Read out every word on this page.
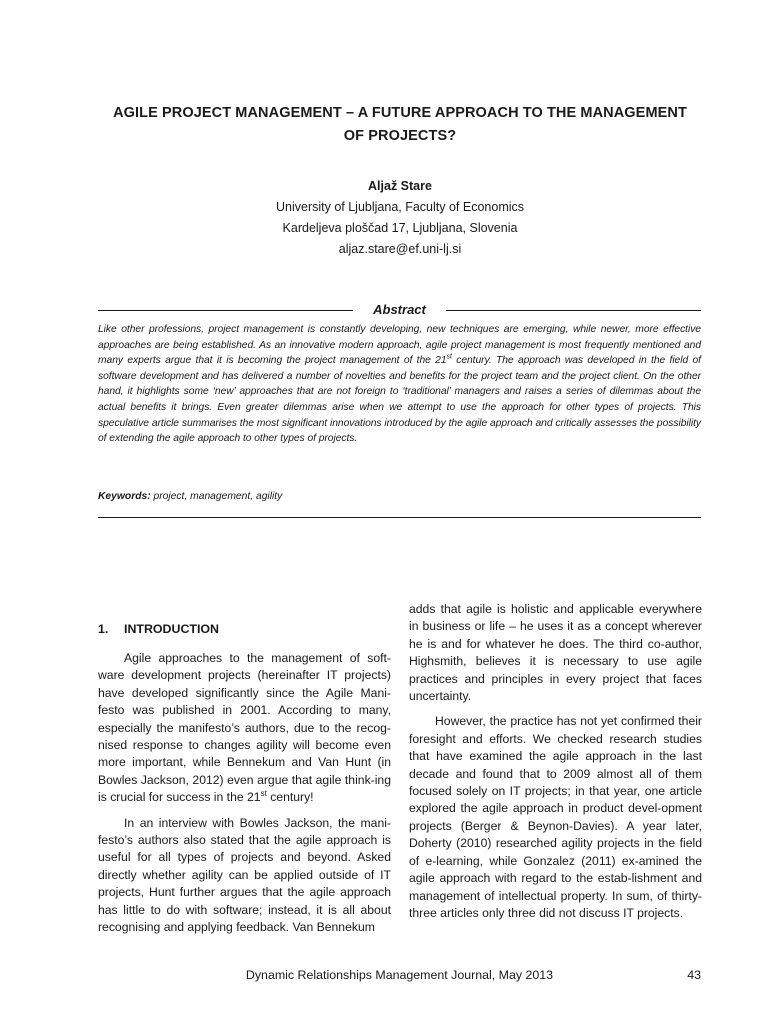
AGILE PROJECT MANAGEMENT – A FUTURE APPROACH TO THE MANAGEMENT
OF PROJECTS?
Aljaž Stare
University of Ljubljana, Faculty of Economics
Kardeljeva ploščad 17, Ljubljana, Slovenia
aljaz.stare@ef.uni-lj.si
Abstract
Like other professions, project management is constantly developing, new techniques are emerging, while newer, more effective approaches are being established. As an innovative modern approach, agile project management is most frequently mentioned and many experts argue that it is becoming the project management of the 21st century. The approach was developed in the field of software development and has delivered a number of novelties and benefits for the project team and the project client. On the other hand, it highlights some ‘new’ approaches that are not foreign to ‘traditional’ managers and raises a series of dilemmas about the actual benefits it brings. Even greater dilemmas arise when we attempt to use the approach for other types of projects. This speculative article summarises the most significant innovations introduced by the agile approach and critically assesses the possibility of extending the agile approach to other types of projects.
Keywords: project, management, agility
1. INTRODUCTION

Agile approaches to the management of soft-ware development projects (hereinafter IT projects) have developed significantly since the Agile Mani-festo was published in 2001. According to many, especially the manifesto’s authors, due to the recog-nised response to changes agility will become even more important, while Bennekum and Van Hunt (in Bowles Jackson, 2012) even argue that agile think-ing is crucial for success in the 21st century!

In an interview with Bowles Jackson, the mani-festo’s authors also stated that the agile approach is useful for all types of projects and beyond. Asked directly whether agility can be applied outside of IT projects, Hunt further argues that the agile approach has little to do with software; instead, it is all about recognising and applying feedback. Van Bennekum

adds that agile is holistic and applicable everywhere in business or life – he uses it as a concept wherever he is and for whatever he does. The third co-author, Highsmith, believes it is necessary to use agile practices and principles in every project that faces uncertainty.

However, the practice has not yet confirmed their foresight and efforts. We checked research studies that have examined the agile approach in the last decade and found that to 2009 almost all of them focused solely on IT projects; in that year, one article explored the agile approach in product devel-opment projects (Berger & Beynon-Davies). A year later, Doherty (2010) researched agility projects in the field of e-learning, while Gonzalez (2011) ex-amined the agile approach with regard to the estab-lishment and management of intellectual property. In sum, of thirty-three articles only three did not discuss IT projects.

Dynamic Relationships Management Journal, May 2013	43
